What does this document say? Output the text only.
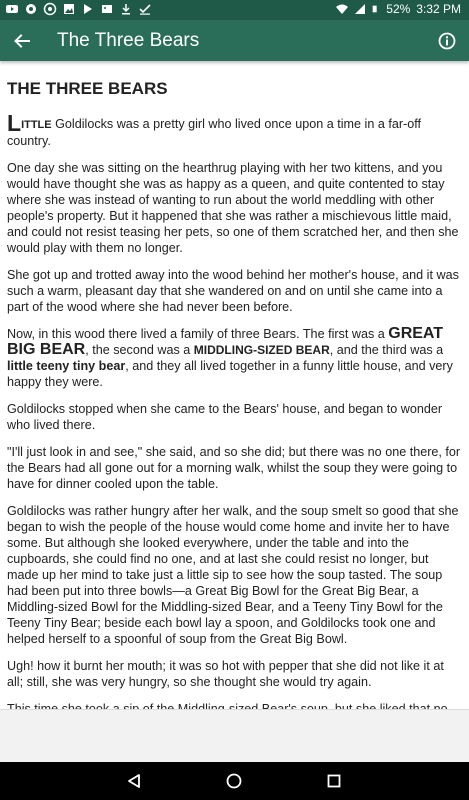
52% 3:32 PM
The Three Bears
THE THREE BEARS

LITTLE Goldilocks was a pretty girl who lived once upon a time in a far-off country.

One day she was sitting on the hearthrug playing with her two kittens, and you would have thought she was as happy as a queen, and quite contented to stay where she was instead of wanting to run about the world meddling with other people's property. But it happened that she was rather a mischievous little maid, and could not resist teasing her pets, so one of them scratched her, and then she would play with them no longer.

She got up and trotted away into the wood behind her mother's house, and it was such a warm, pleasant day that she wandered on and on until she came into a part of the wood where she had never been before.

Now, in this wood there lived a family of three Bears. The first was a GREAT BIG BEAR, the second was a MIDDLING-SIZED BEAR, and the third was a little teeny tiny bear, and they all lived together in a funny little house, and very happy they were.

Goldilocks stopped when she came to the Bears' house, and began to wonder who lived there.

"I'll just look in and see," she said, and so she did; but there was no one there, for the Bears had all gone out for a morning walk, whilst the soup they were going to have for dinner cooled upon the table.

Goldilocks was rather hungry after her walk, and the soup smelt so good that she began to wish the people of the house would come home and invite her to have some. But although she looked everywhere, under the table and into the cupboards, she could find no one, and at last she could resist no longer, but made up her mind to take just a little sip to see how the soup tasted. The soup had been put into three bowls—a Great Big Bowl for the Great Big Bear, a Middling-sized Bowl for the Middling-sized Bear, and a Teeny Tiny Bowl for the Teeny Tiny Bear; beside each bowl lay a spoon, and Goldilocks took one and helped herself to a spoonful of soup from the Great Big Bowl.

Ugh! how it burnt her mouth; it was so hot with pepper that she did not like it at all; still, she was very hungry, so she thought she would try again.
